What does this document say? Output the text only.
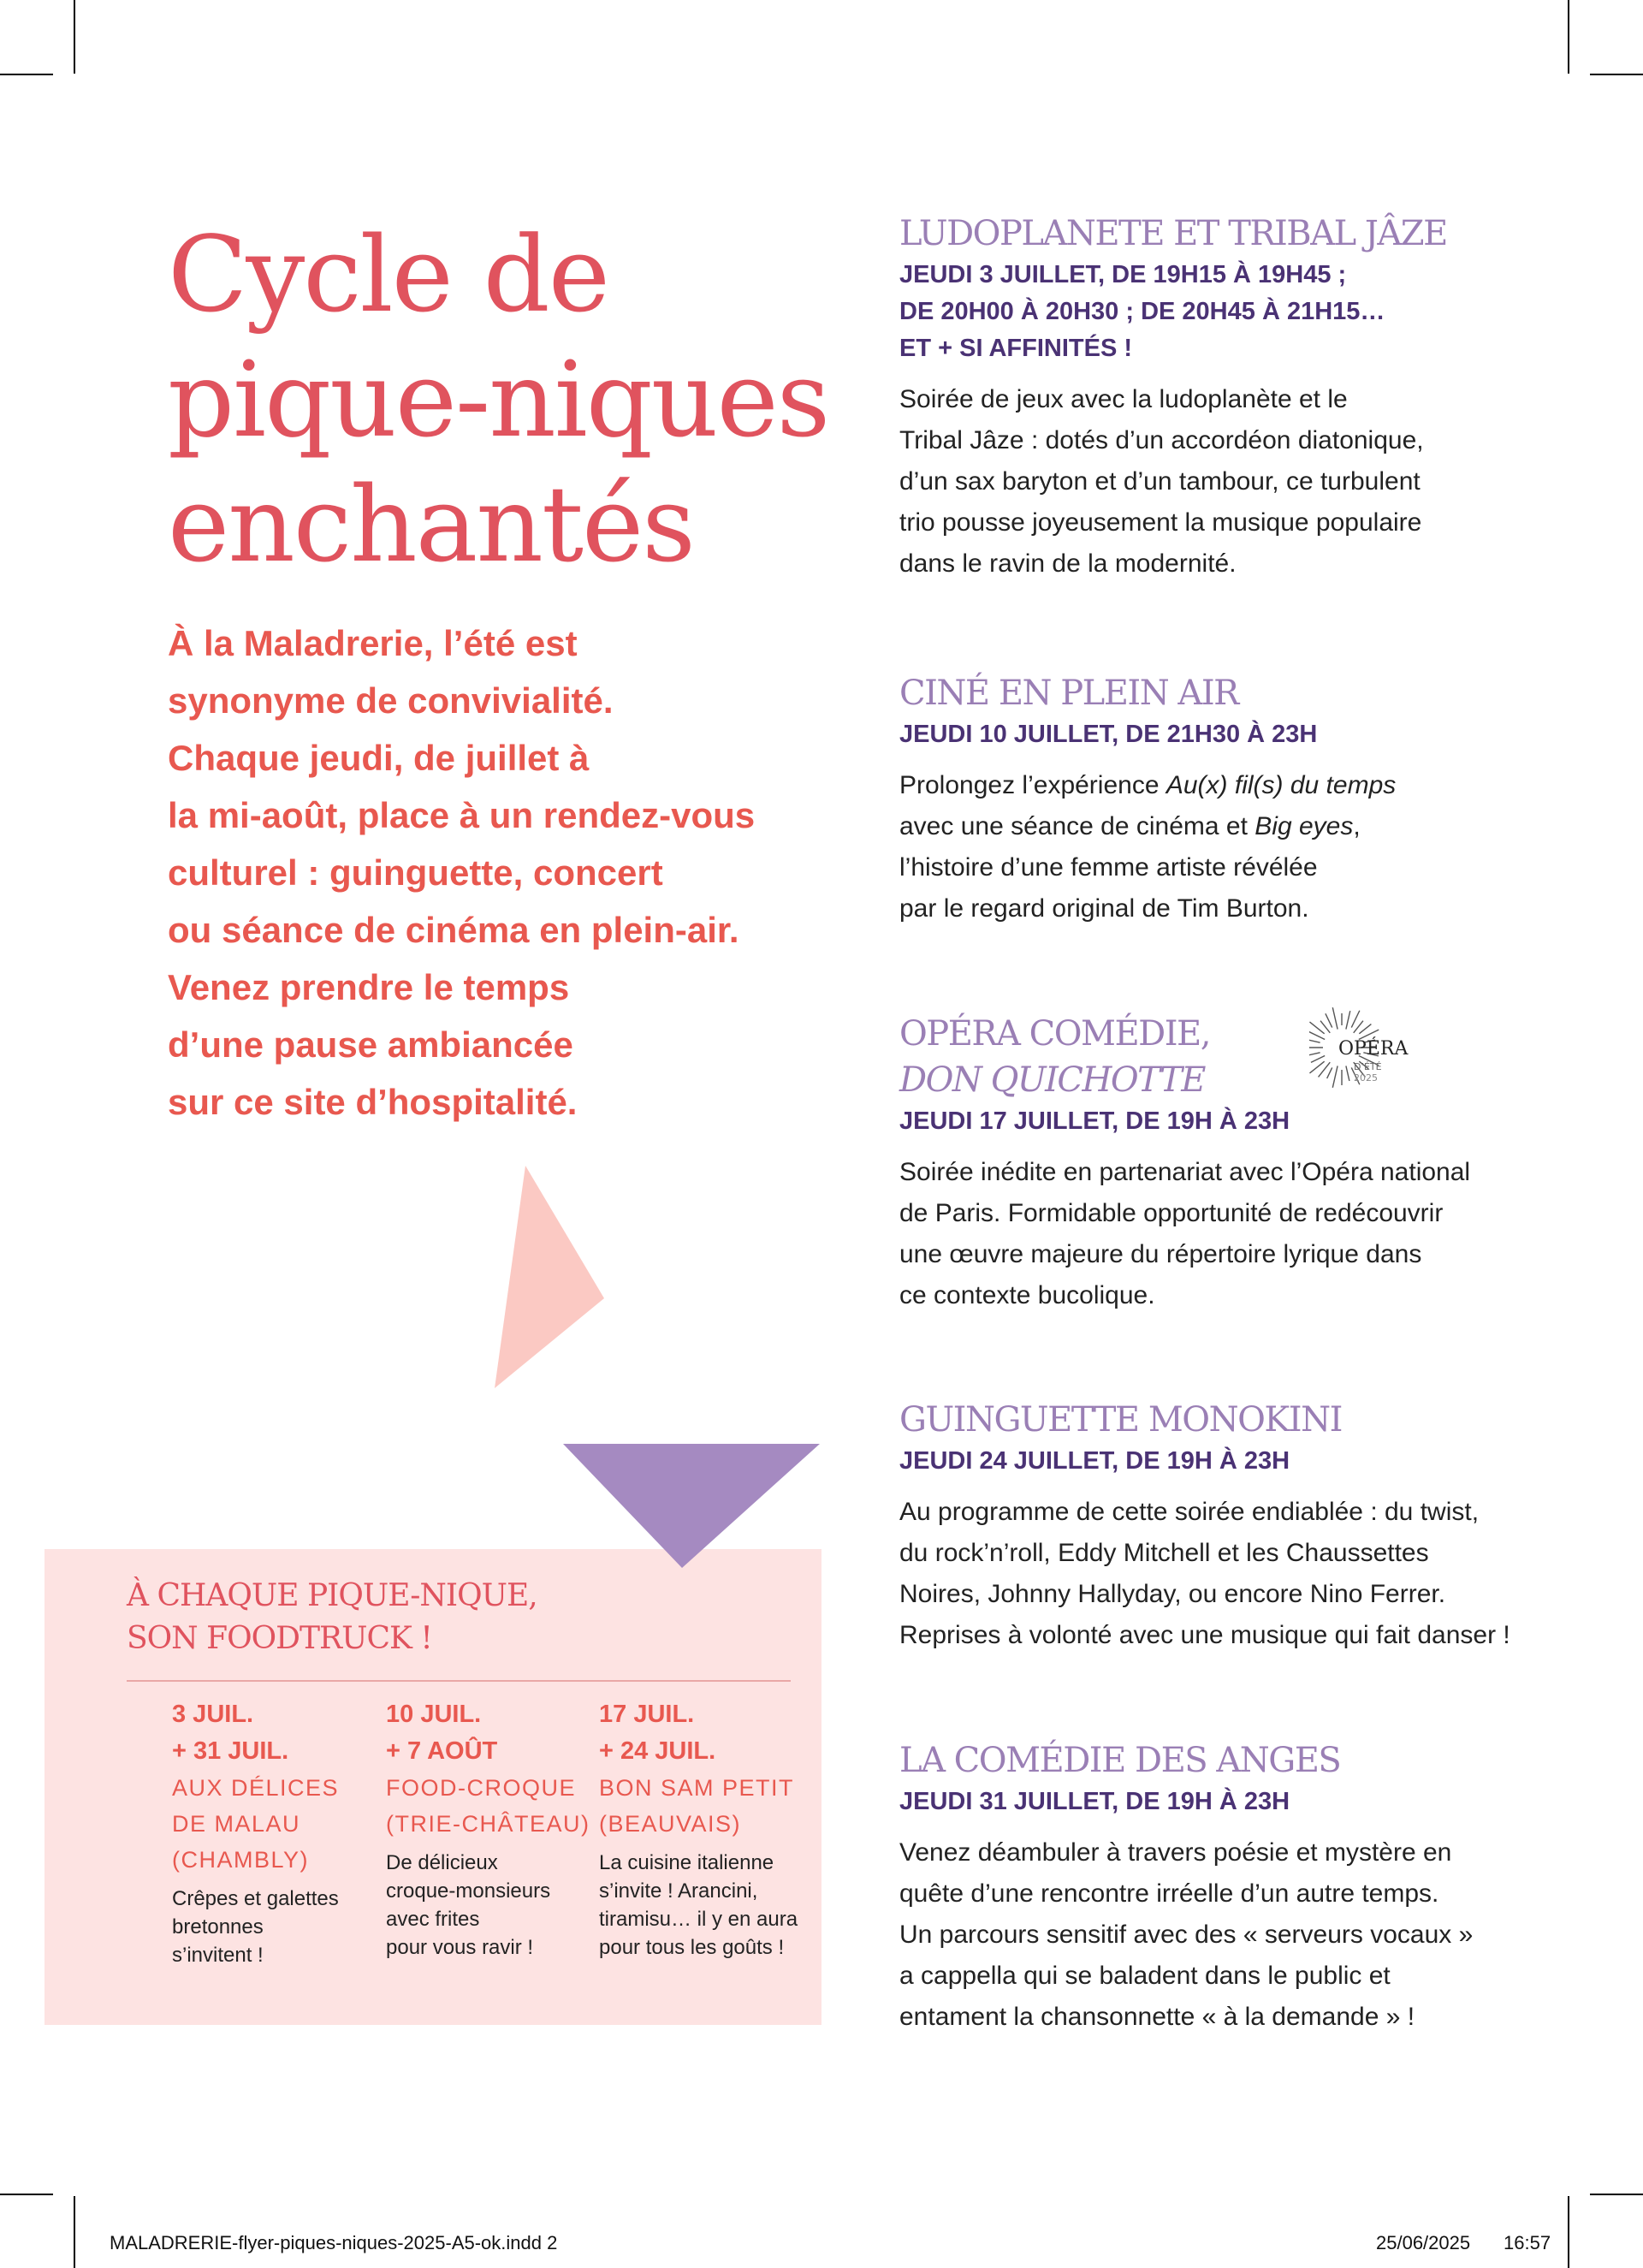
Cycle de
pique-niques
enchantés

À la Maladrerie, l’été est
synonyme de convivialité.
Chaque jeudi, de juillet à
la mi-août, place à un rendez-vous
culturel : guinguette, concert
ou séance de cinéma en plein-air.
Venez prendre le temps
d’une pause ambiancée
sur ce site d’hospitalité.

À CHAQUE PIQUE-NIQUE,
SON FOODTRUCK !
3 JUIL.
+ 31 JUIL.
AUX DÉLICES
DE MALAU
(CHAMBLY)
Crêpes et galettes
bretonnes
s’invitent !
10 JUIL.
+ 7 AOÛT
FOOD-CROQUE
(TRIE-CHÂTEAU)
De délicieux
croque-monsieurs
avec frites
pour vous ravir !
17 JUIL.
+ 24 JUIL.
BON SAM PETIT
(BEAUVAIS)
La cuisine italienne
s’invite ! Arancini,
tiramisu… il y en aura
pour tous les goûts !
LUDOPLANETE ET TRIBAL JÂZE
JEUDI 3 JUILLET, DE 19H15 À 19H45 ;
DE 20H00 À 20H30 ; DE 20H45 À 21H15…
ET + SI AFFINITÉS !
Soirée de jeux avec la ludoplanète et le
Tribal Jâze : dotés d’un accordéon diatonique,
d’un sax baryton et d’un tambour, ce turbulent
trio pousse joyeusement la musique populaire
dans le ravin de la modernité.
CINÉ EN PLEIN AIR
JEUDI 10 JUILLET, DE 21H30 À 23H
Prolongez l’expérience Au(x) fil(s) du temps
avec une séance de cinéma et Big eyes,
l’histoire d’une femme artiste révélée
par le regard original de Tim Burton.
OPÉRA COMÉDIE,
DON QUICHOTTE
JEUDI 17 JUILLET, DE 19H À 23H
Soirée inédite en partenariat avec l’Opéra national
de Paris. Formidable opportunité de redécouvrir
une œuvre majeure du répertoire lyrique dans
ce contexte bucolique.
OPÉRA
D’ÉTÉ
2025
GUINGUETTE MONOKINI
JEUDI 24 JUILLET, DE 19H À 23H
Au programme de cette soirée endiablée : du twist,
du rock’n’roll, Eddy Mitchell et les Chaussettes
Noires, Johnny Hallyday, ou encore Nino Ferrer.
Reprises à volonté avec une musique qui fait danser !
LA COMÉDIE DES ANGES
JEUDI 31 JUILLET, DE 19H À 23H
Venez déambuler à travers poésie et mystère en
quête d’une rencontre irréelle d’un autre temps.
Un parcours sensitif avec des « serveurs vocaux »
a cappella qui se baladent dans le public et
entament la chansonnette « à la demande » !
MALADRERIE-flyer-piques-niques-2025-A5-ok.indd 2	25/06/2025 16:57
